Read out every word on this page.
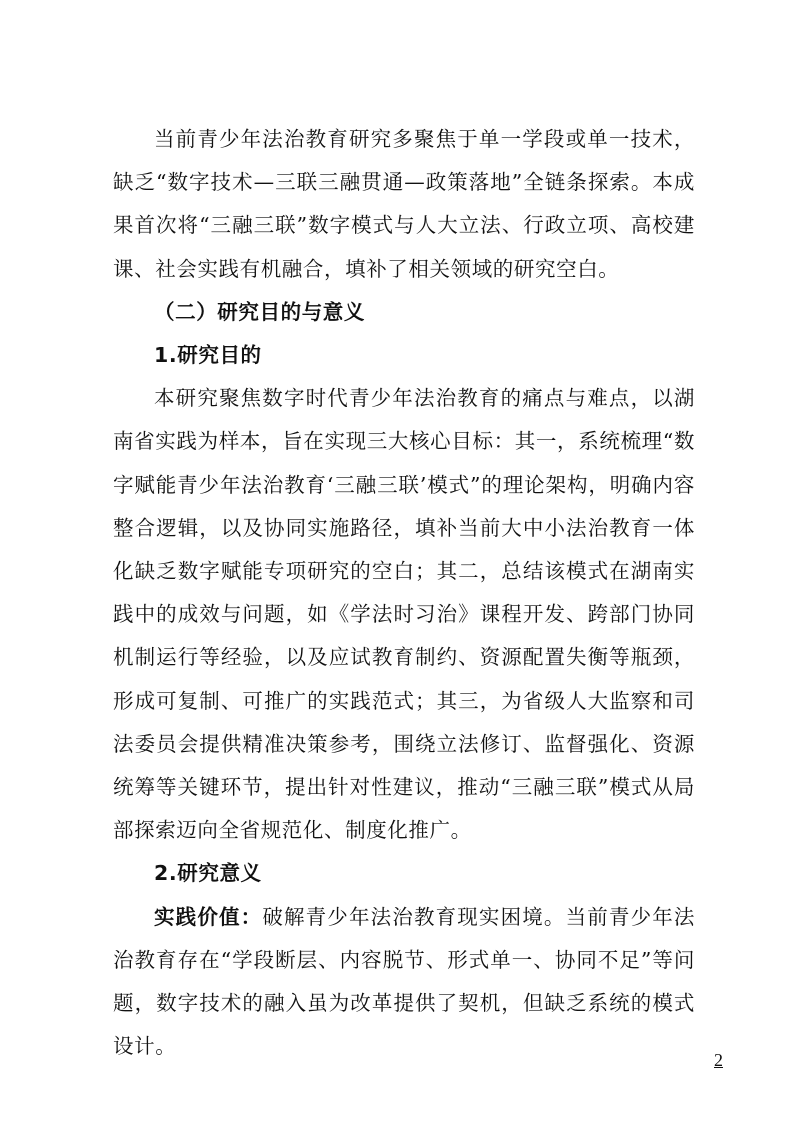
当前青少年法治教育研究多聚焦于单一学段或单一技术，缺乏“数字技术—三联三融贯通—政策落地”全链条探索。本成果首次将“三融三联”数字模式与人大立法、行政立项、高校建课、社会实践有机融合，填补了相关领域的研究空白。

（二）研究目的与意义

1.研究目的

本研究聚焦数字时代青少年法治教育的痛点与难点，以湖南省实践为样本，旨在实现三大核心目标：其一，系统梳理“数字赋能青少年法治教育‘三融三联’模式”的理论架构，明确内容整合逻辑，以及协同实施路径，填补当前大中小法治教育一体化缺乏数字赋能专项研究的空白；其二，总结该模式在湖南实践中的成效与问题，如《学法时习治》课程开发、跨部门协同机制运行等经验，以及应试教育制约、资源配置失衡等瓶颈，形成可复制、可推广的实践范式；其三，为省级人大监察和司法委员会提供精准决策参考，围绕立法修订、监督强化、资源统筹等关键环节，提出针对性建议，推动“三融三联”模式从局部探索迈向全省规范化、制度化推广。

2.研究意义

实践价值：破解青少年法治教育现实困境。当前青少年法治教育存在“学段断层、内容脱节、形式单一、协同不足”等问题，数字技术的融入虽为改革提供了契机，但缺乏系统的模式设计。

2
